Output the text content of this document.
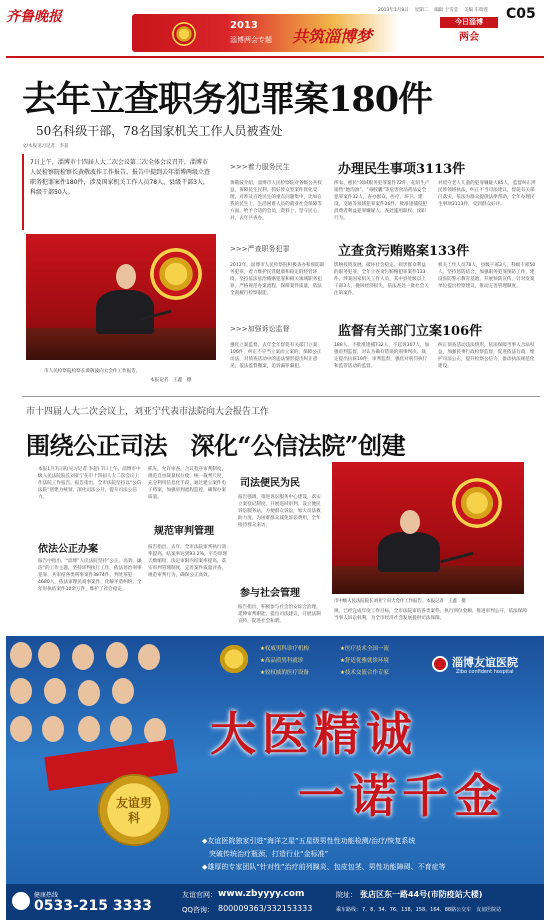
齐鲁晚报
2013
淄博两会专题 共筑淄博梦
2013年1月8日 星期二 编辑 于雪莹 美编 车瑞莲 C05
今日淄博
两会
去年立查职务犯罪案180件
50名科级干部，78名国家机关工作人员被查处
文/本报见习记者　李超
7日上午，淄博市十四届人大二次会议第二次全体会议召开，淄博市人民检察院检察长黄敬波作工作报告。报告中提到去年淄博两级立查职务犯罪案件180件，涉及国家机关工作人员78人，县级干部3人，科级干部50人。
市人民检察院检察长黄敬波向大会作工作报告。
本报记者　王鑫　摄
>>>着力服务民生	办理民生事项3113件
黄敬波介绍，淄博市人民检察院对各级公共权益，保障民生民利，抓好涉众型案件优化受理，对涉及百姓民生的重点问题集中，比如在我的民生上，生活困难人员的就业社会保障等方面，给予合适的会员，资料上，坚守民心，对，去年共查办。
涉农、惠民“领域职务犯罪案件72件，起诉生产销售“地沟油”、“毒胶囊”等危害食品药品安全犯罪案件32人，查办群众、医疗、环卫、建设、交通等领域犯罪案件26件，批准逮捕侵犯消费者利益犯罪嫌疑人，查处滥用职权、渎职行为。
对留守老人儿童的犯罪嫌疑人85人，监督纠正涉民涉领域执法，纠正不当司法建议，督促有关部门落实，依法为群众提供法律帮助，全年办理民生事项3113件，受到群众好评。
>>>严查职务犯罪	立查贪污贿赂案133件
2012年，淄博市人民检察院积极查办和预防职务犯罪，着力维护民营健康和稳定的经营环境，坚持依法惩治贿赂犯罪和相关领域职务犯罪，严格规范办案流程，保障案件质量，依法全面履行检察职能。
影响投资发展，破坏社会稳定，损害群众利益的职务犯罪，全年立查贪污贿赂犯罪案件133件，涉案国家机关工作人员，其中县处级以上干部3人，挽回经济损失，依法查处一批社会关注的案件。
机关工作人员78人，县级干部3人，科级干部50人。坚持惩防结合，加强职务犯罪预防工作，建设预防警示教育基地，开展预防宣传，针对发案单位提出检察建议，推动完善管理制度。
>>>加强诉讼监督	监督有关部门立案106件
强化立案监督，去年全年督促有关部门立案106件，纠正不应当立案而立案的，保障公正司法，对侦查活动中的违法情形提出纠正意见，依法监督撤案，追诉漏罪漏犯。
188人，不批准逮捕732人，不起诉307人，加强审判监督，对认为确有错误的刑事判决、裁定提出抗诉19件，审判监督，强化对刑罚执行和监管活动的监督。
纠正侦查活动违法情形，依法保障当事人合法权益，加强民事行政检察监督，促进依法行政，维护司法公正，提升检察公信力，推动执法规范化建设。
市十四届人大二次会议上，刘亚宁代表市法院向大会报告工作
围绕公正司法　深化“公信法院”创建
本报1月7日讯(见习记者 李超) 7日上午，淄博市中级人民法院院长刘亚宁在市十四届人大二次会议上作法院工作报告。报告指出，全市法院坚持以“公信法院”创建为统领，深化司法公开，提升司法公信力。
依法公正办案
报告中指出，“淄博”人民法院坚持“公正、高效、廉洁”的工作主题，坚持审判执行工作，依法惩治刑事犯罪，共审结各类刑事案件3874件，判处罪犯4680人，依法审理民商事案件，化解矛盾纠纷，全年审执结案件10余万件，维护了社会稳定。
抓先，允许审查，合议程序审判制度，规范自由裁量权行使，统一裁判尺度，充分利用信息化手段，通过建立案件电子档案，加强审判流程监控，确保办案质量。
规范审判管理
报告指出，去年，全市法院审判执行效率提高，结案率达到93.2%，平均审理天数缩短，法定审限内结案率提高，落实审判管理制度，完善案件质量评查，规范审判行为，确保公正高效。
司法便民为民
报告强调，推进诉讼服务中心建设，落实立案登记制度，开展巡回审判，设立便民诉讼服务站，方便群众诉讼，加大司法救助力度，为困难群众减免诉讼费用，全年接待群众来访。
参与社会管理
报告指出，积极参与社会治安综合治理，延伸审判职能，提出司法建议，开展法制宣传，促进社会和谐。
市中级人民法院院长刘亚宁向大会作工作报告。本报记者　王鑫　摄
规，已经完成年度工作目标，全市法院审结各类案件，执行到位金额，推进审判公开，依法保障当事人诉讼权利，为全市经济社会发展提供司法保障。
友谊男科
★权威男科诊疗机构	★医疗技术全国一流
★高品质男科就诊	★舒适优雅就诊环境
★较权威的医疗设备	★技术交流合作专家
淄博友谊医院
Zibo confident hospital
大医精诚
一诺千金
◆友谊医院独家引进“海洋之星”五星级男性性功能检测/治疗/恢复系统
　突破传统治疗瓶颈，打造行业“金标准”
◆雄厚的专家团队“针对性”治疗前列腺炎、包皮包茎、男性功能障碍、不育症等
健康热线
0533-215 3333
友谊官网： www.zbyyyy.com
QQ咨询： 800009363/332153333
院址： 张店区东一路44号(市防疫站大楼)
乘车路线： 7、8、34、76、138、158、164、88路公交车　友谊医院站
